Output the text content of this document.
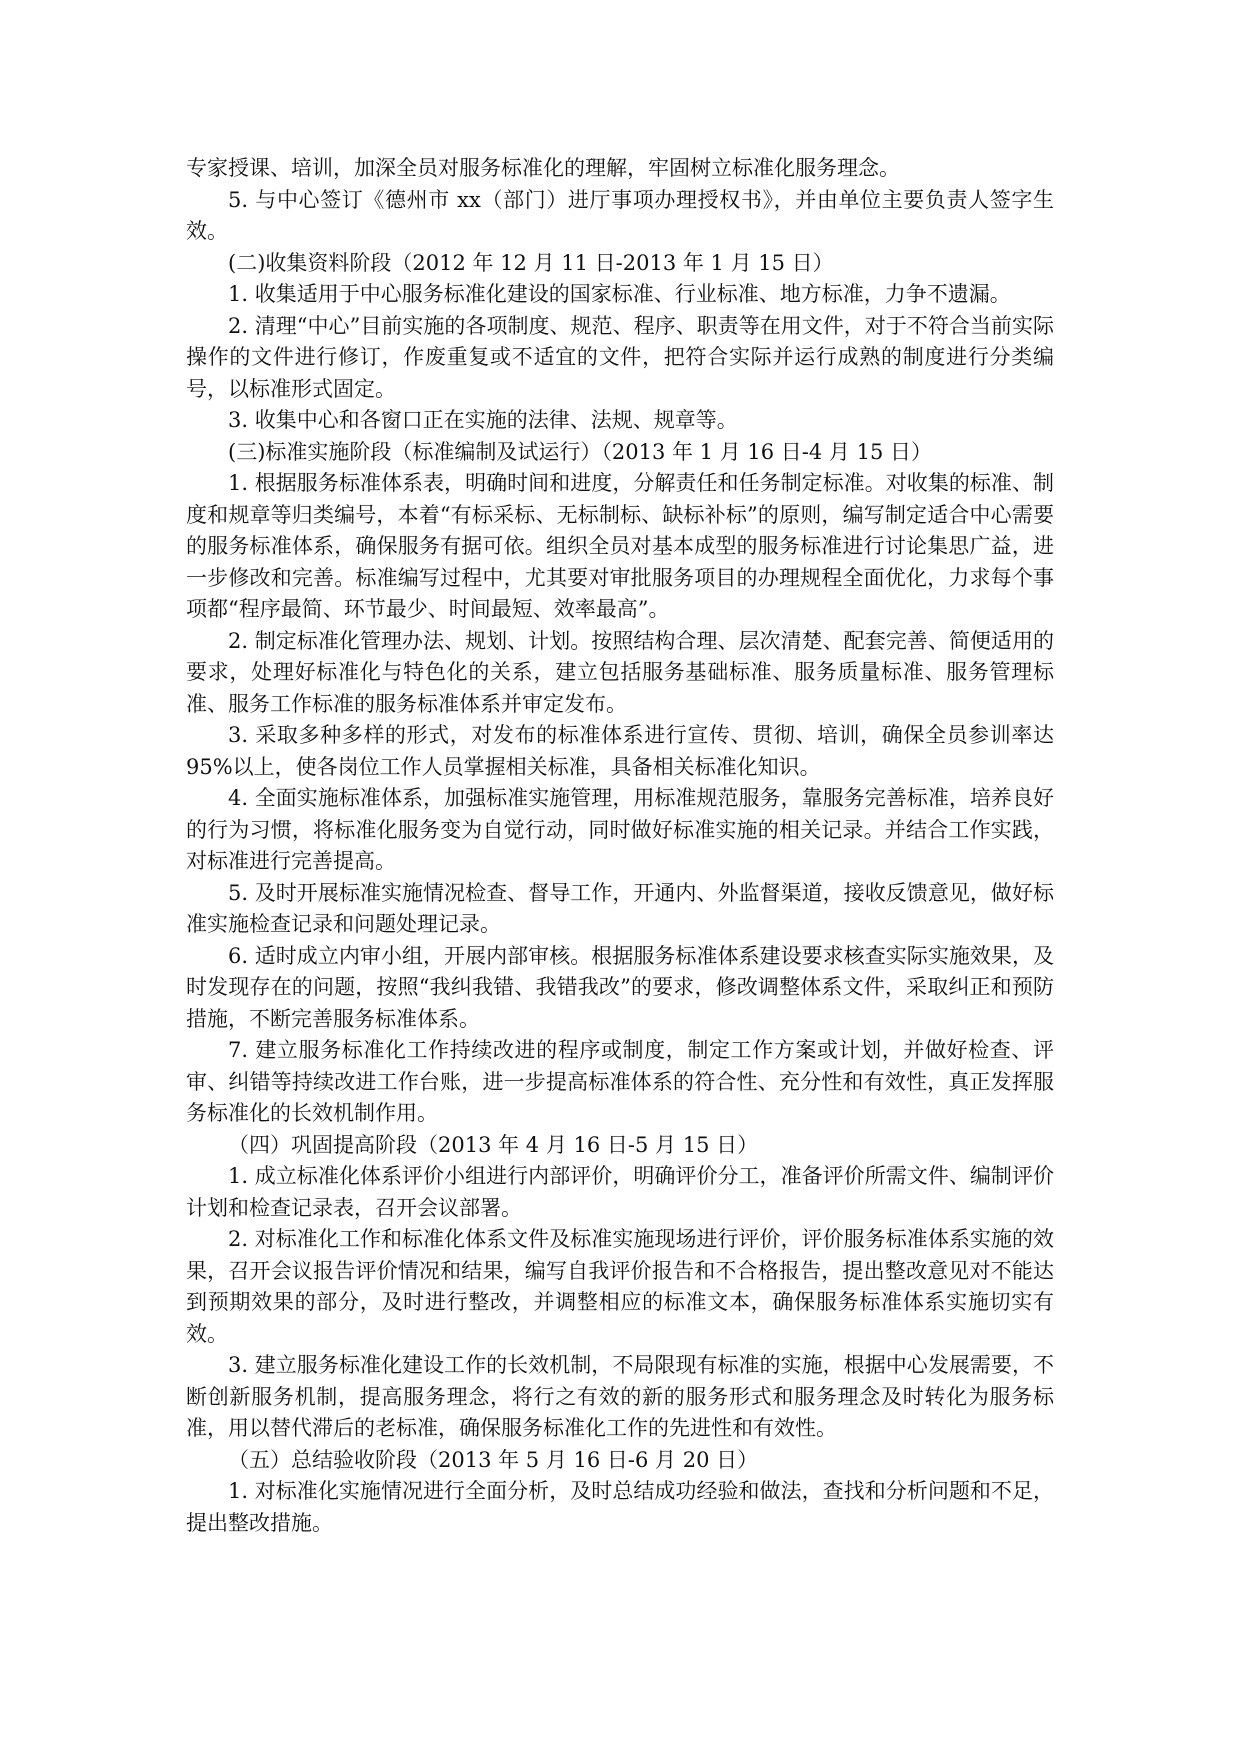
专家授课、培训，加深全员对服务标准化的理解，牢固树立标准化服务理念。

5. 与中心签订《德州市 xx（部门）进厅事项办理授权书》，并由单位主要负责人签字生效。

(二)收集资料阶段（2012 年 12 月 11 日-2013 年 1 月 15 日）

1. 收集适用于中心服务标准化建设的国家标准、行业标准、地方标准，力争不遗漏。

2. 清理“中心”目前实施的各项制度、规范、程序、职责等在用文件，对于不符合当前实际操作的文件进行修订，作废重复或不适宜的文件，把符合实际并运行成熟的制度进行分类编号，以标准形式固定。

3. 收集中心和各窗口正在实施的法律、法规、规章等。

(三)标准实施阶段（标准编制及试运行）（2013 年 1 月 16 日-4 月 15 日）

1. 根据服务标准体系表，明确时间和进度，分解责任和任务制定标准。对收集的标准、制度和规章等归类编号，本着“有标采标、无标制标、缺标补标”的原则，编写制定适合中心需要的服务标准体系，确保服务有据可依。组织全员对基本成型的服务标准进行讨论集思广益，进一步修改和完善。标准编写过程中，尤其要对审批服务项目的办理规程全面优化，力求每个事项都“程序最简、环节最少、时间最短、效率最高”。

2. 制定标准化管理办法、规划、计划。按照结构合理、层次清楚、配套完善、简便适用的要求，处理好标准化与特色化的关系，建立包括服务基础标准、服务质量标准、服务管理标准、服务工作标准的服务标准体系并审定发布。

3. 采取多种多样的形式，对发布的标准体系进行宣传、贯彻、培训，确保全员参训率达 95%以上，使各岗位工作人员掌握相关标准，具备相关标准化知识。

4. 全面实施标准体系，加强标准实施管理，用标准规范服务，靠服务完善标准，培养良好的行为习惯，将标准化服务变为自觉行动，同时做好标准实施的相关记录。并结合工作实践，对标准进行完善提高。

5. 及时开展标准实施情况检查、督导工作，开通内、外监督渠道，接收反馈意见，做好标准实施检查记录和问题处理记录。

6. 适时成立内审小组，开展内部审核。根据服务标准体系建设要求核查实际实施效果，及时发现存在的问题，按照“我纠我错、我错我改”的要求，修改调整体系文件，采取纠正和预防措施，不断完善服务标准体系。

7. 建立服务标准化工作持续改进的程序或制度，制定工作方案或计划，并做好检查、评审、纠错等持续改进工作台账，进一步提高标准体系的符合性、充分性和有效性，真正发挥服务标准化的长效机制作用。

（四）巩固提高阶段（2013 年 4 月 16 日-5 月 15 日）

1. 成立标准化体系评价小组进行内部评价，明确评价分工，准备评价所需文件、编制评价计划和检查记录表，召开会议部署。

2. 对标准化工作和标准化体系文件及标准实施现场进行评价，评价服务标准体系实施的效果，召开会议报告评价情况和结果，编写自我评价报告和不合格报告，提出整改意见对不能达到预期效果的部分，及时进行整改，并调整相应的标准文本，确保服务标准体系实施切实有效。

3. 建立服务标准化建设工作的长效机制，不局限现有标准的实施，根据中心发展需要，不断创新服务机制，提高服务理念，将行之有效的新的服务形式和服务理念及时转化为服务标准，用以替代滞后的老标准，确保服务标准化工作的先进性和有效性。

（五）总结验收阶段（2013 年 5 月 16 日-6 月 20 日）

1. 对标准化实施情况进行全面分析，及时总结成功经验和做法，查找和分析问题和不足，提出整改措施。
